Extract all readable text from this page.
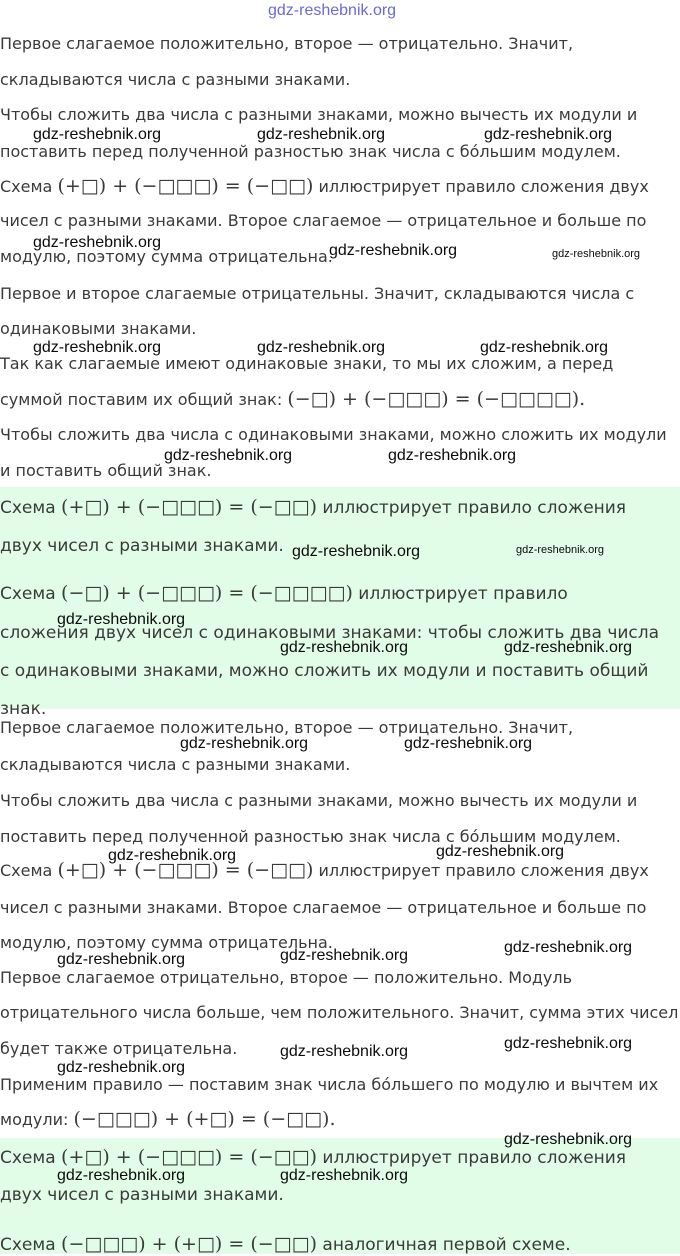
Первое слагаемое положительно, второе — отрицательно. Значит,
складываются числа с разными знаками.
Чтобы сложить два числа с разными знаками, можно вычесть их модули и
поставить перед полученной разностью знак числа с бо́льшим модулем.
Схема (+□) + (−□□□) = (−□□) иллюстрирует правило сложения двух
чисел с разными знаками. Второе слагаемое — отрицательное и больше по
модулю, поэтому сумма отрицательна.
Первое и второе слагаемые отрицательны. Значит, складываются числа с
одинаковыми знаками.
Так как слагаемые имеют одинаковые знаки, то мы их сложим, а перед
суммой поставим их общий знак: (−□) + (−□□□) = (−□□□□).
Чтобы сложить два числа с одинаковыми знаками, можно сложить их модули
и поставить общий знак.
Схема (+□) + (−□□□) = (−□□) иллюстрирует правило сложения
двух чисел с разными знаками.
Схема (−□) + (−□□□) = (−□□□□) иллюстрирует правило
сложения двух чисел с одинаковыми знаками: чтобы сложить два числа
с одинаковыми знаками, можно сложить их модули и поставить общий
знак.
Первое слагаемое положительно, второе — отрицательно. Значит,
складываются числа с разными знаками.
Чтобы сложить два числа с разными знаками, можно вычесть их модули и
поставить перед полученной разностью знак числа с бо́льшим модулем.
Схема (+□) + (−□□□) = (−□□) иллюстрирует правило сложения двух
чисел с разными знаками. Второе слагаемое — отрицательное и больше по
модулю, поэтому сумма отрицательна.
Первое слагаемое отрицательно, второе — положительно. Модуль
отрицательного числа больше, чем положительного. Значит, сумма этих чисел
будет также отрицательна.
Применим правило — поставим знак числа бо́льшего по модулю и вычтем их
модули: (−□□□) + (+□) = (−□□).
Схема (+□) + (−□□□) = (−□□) иллюстрирует правило сложения
двух чисел с разными знаками.
Схема (−□□□) + (+□) = (−□□) аналогичная первой схеме.
gdz-reshebnik.org
gdz-reshebnik.org	gdz-reshebnik.org	gdz-reshebnik.org
gdz-reshebnik.org	gdz-reshebnik.org	gdz-reshebnik.org
gdz-reshebnik.org	gdz-reshebnik.org	gdz-reshebnik.org
gdz-reshebnik.org	gdz-reshebnik.org
gdz-reshebnik.org	gdz-reshebnik.org
gdz-reshebnik.org
gdz-reshebnik.org	gdz-reshebnik.org
gdz-reshebnik.org	gdz-reshebnik.org
gdz-reshebnik.org	gdz-reshebnik.org
gdz-reshebnik.org	gdz-reshebnik.org	gdz-reshebnik.org
gdz-reshebnik.org	gdz-reshebnik.org
gdz-reshebnik.org
gdz-reshebnik.org
gdz-reshebnik.org	gdz-reshebnik.org
